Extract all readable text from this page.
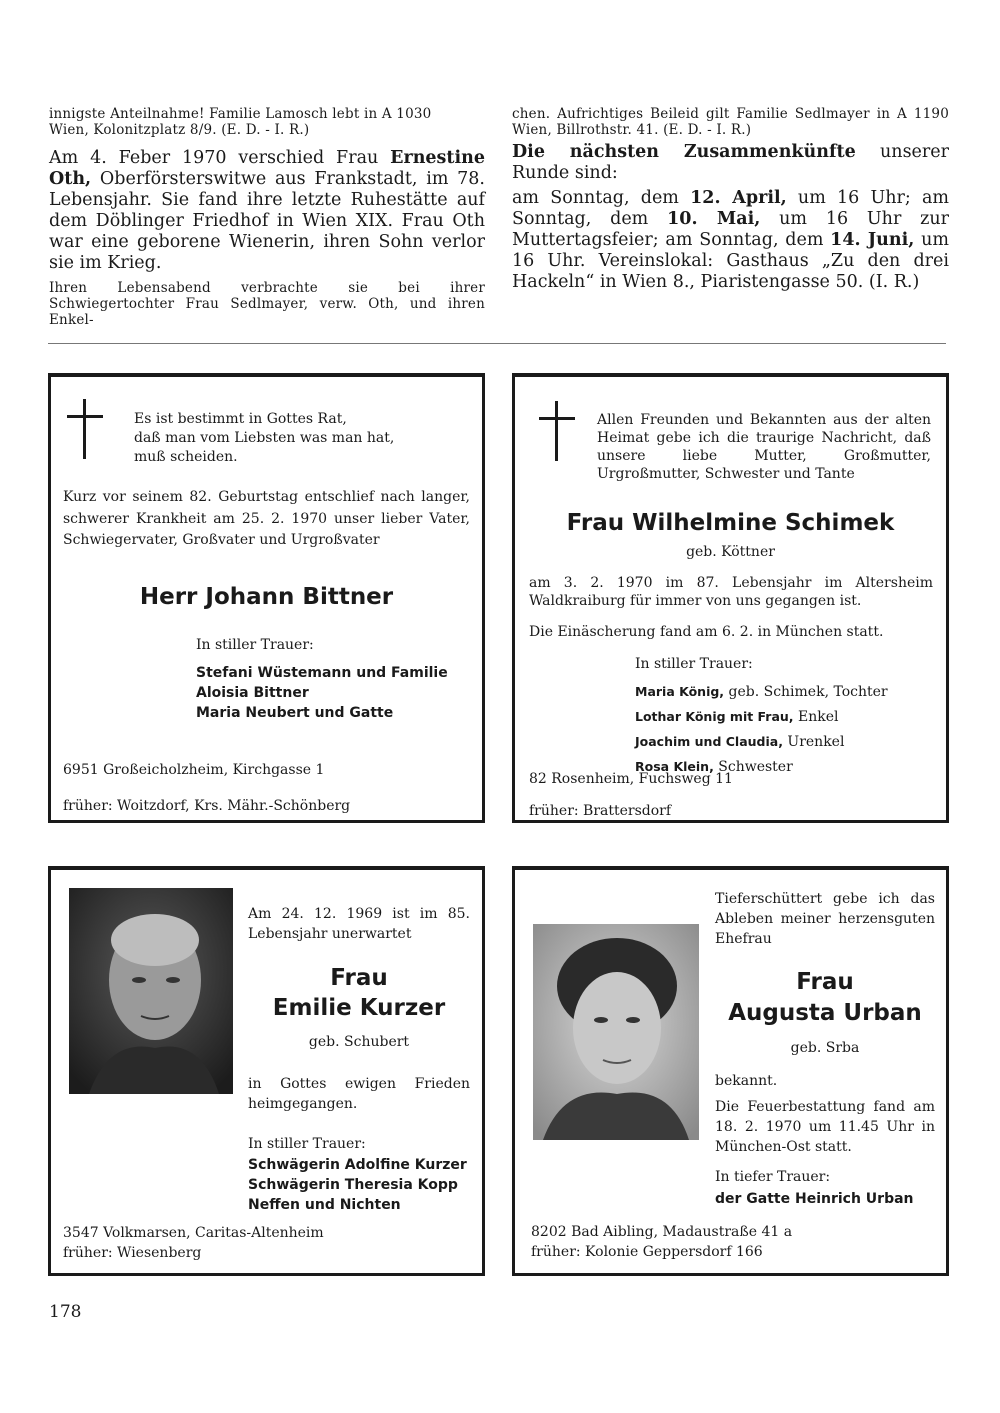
innigste Anteilnahme! Familie Lamosch lebt in A 1030
Wien, Kolonitzplatz 8/9. (E. D. - I. R.)
Am 4. Feber 1970 verschied Frau Ernestine Oth, Oberförsterswitwe aus Frankstadt, im 78. Lebensjahr. Sie fand ihre letzte Ruhestätte auf dem Döblinger Friedhof in Wien XIX. Frau Oth war eine geborene Wienerin, ihren Sohn verlor sie im Krieg.
Ihren Lebensabend verbrachte sie bei ihrer Schwiegertochter Frau Sedlmayer, verw. Oth, und ihren Enkel-
chen. Aufrichtiges Beileid gilt Familie Sedlmayer in A 1190 Wien, Billrothstr. 41. (E. D. - I. R.)
Die nächsten Zusammenkünfte unserer Runde sind:
am Sonntag, dem 12. April, um 16 Uhr; am Sonntag, dem 10. Mai, um 16 Uhr zur Muttertagsfeier; am Sonntag, dem 14. Juni, um 16 Uhr. Vereinslokal: Gasthaus „Zu den drei Hackeln“ in Wien 8., Piaristengasse 50. (I. R.)
Es ist bestimmt in Gottes Rat,
daß man vom Liebsten was man hat,
muß scheiden.
Kurz vor seinem 82. Geburtstag entschlief nach langer, schwerer Krankheit am 25. 2. 1970 unser lieber Vater, Schwiegervater, Großvater und Urgroßvater
Herr Johann Bittner
In stiller Trauer:
Stefani Wüstemann und Familie
Aloisia Bittner
Maria Neubert und Gatte
6951 Großeicholzheim, Kirchgasse 1
früher: Woitzdorf, Krs. Mähr.-Schönberg
Allen Freunden und Bekannten aus der alten Heimat gebe ich die traurige Nachricht, daß unsere liebe Mutter, Großmutter, Urgroßmutter, Schwester und Tante
Frau Wilhelmine Schimek
geb. Köttner
am 3. 2. 1970 im 87. Lebensjahr im Altersheim Waldkraiburg für immer von uns gegangen ist.
Die Einäscherung fand am 6. 2. in München statt.
In stiller Trauer:
Maria König, geb. Schimek, Tochter
Lothar König mit Frau, Enkel
Joachim und Claudia, Urenkel
Rosa Klein, Schwester
82 Rosenheim, Fuchsweg 11
früher: Brattersdorf
Am 24. 12. 1969 ist im 85. Lebensjahr unerwartet
Frau
Emilie Kurzer
geb. Schubert
in Gottes ewigen Frieden heimgegangen.
In stiller Trauer:
Schwägerin Adolfine Kurzer
Schwägerin Theresia Kopp
Neffen und Nichten
3547 Volkmarsen, Caritas-Altenheim
früher: Wiesenberg
Tieferschüttert gebe ich das Ableben meiner herzensguten Ehefrau
Frau
Augusta Urban
geb. Srba
bekannt.
Die Feuerbestattung fand am 18. 2. 1970 um 11.45 Uhr in München-Ost statt.
In tiefer Trauer:
der Gatte Heinrich Urban
8202 Bad Aibling, Madaustraße 41 a
früher: Kolonie Geppersdorf 166
178
